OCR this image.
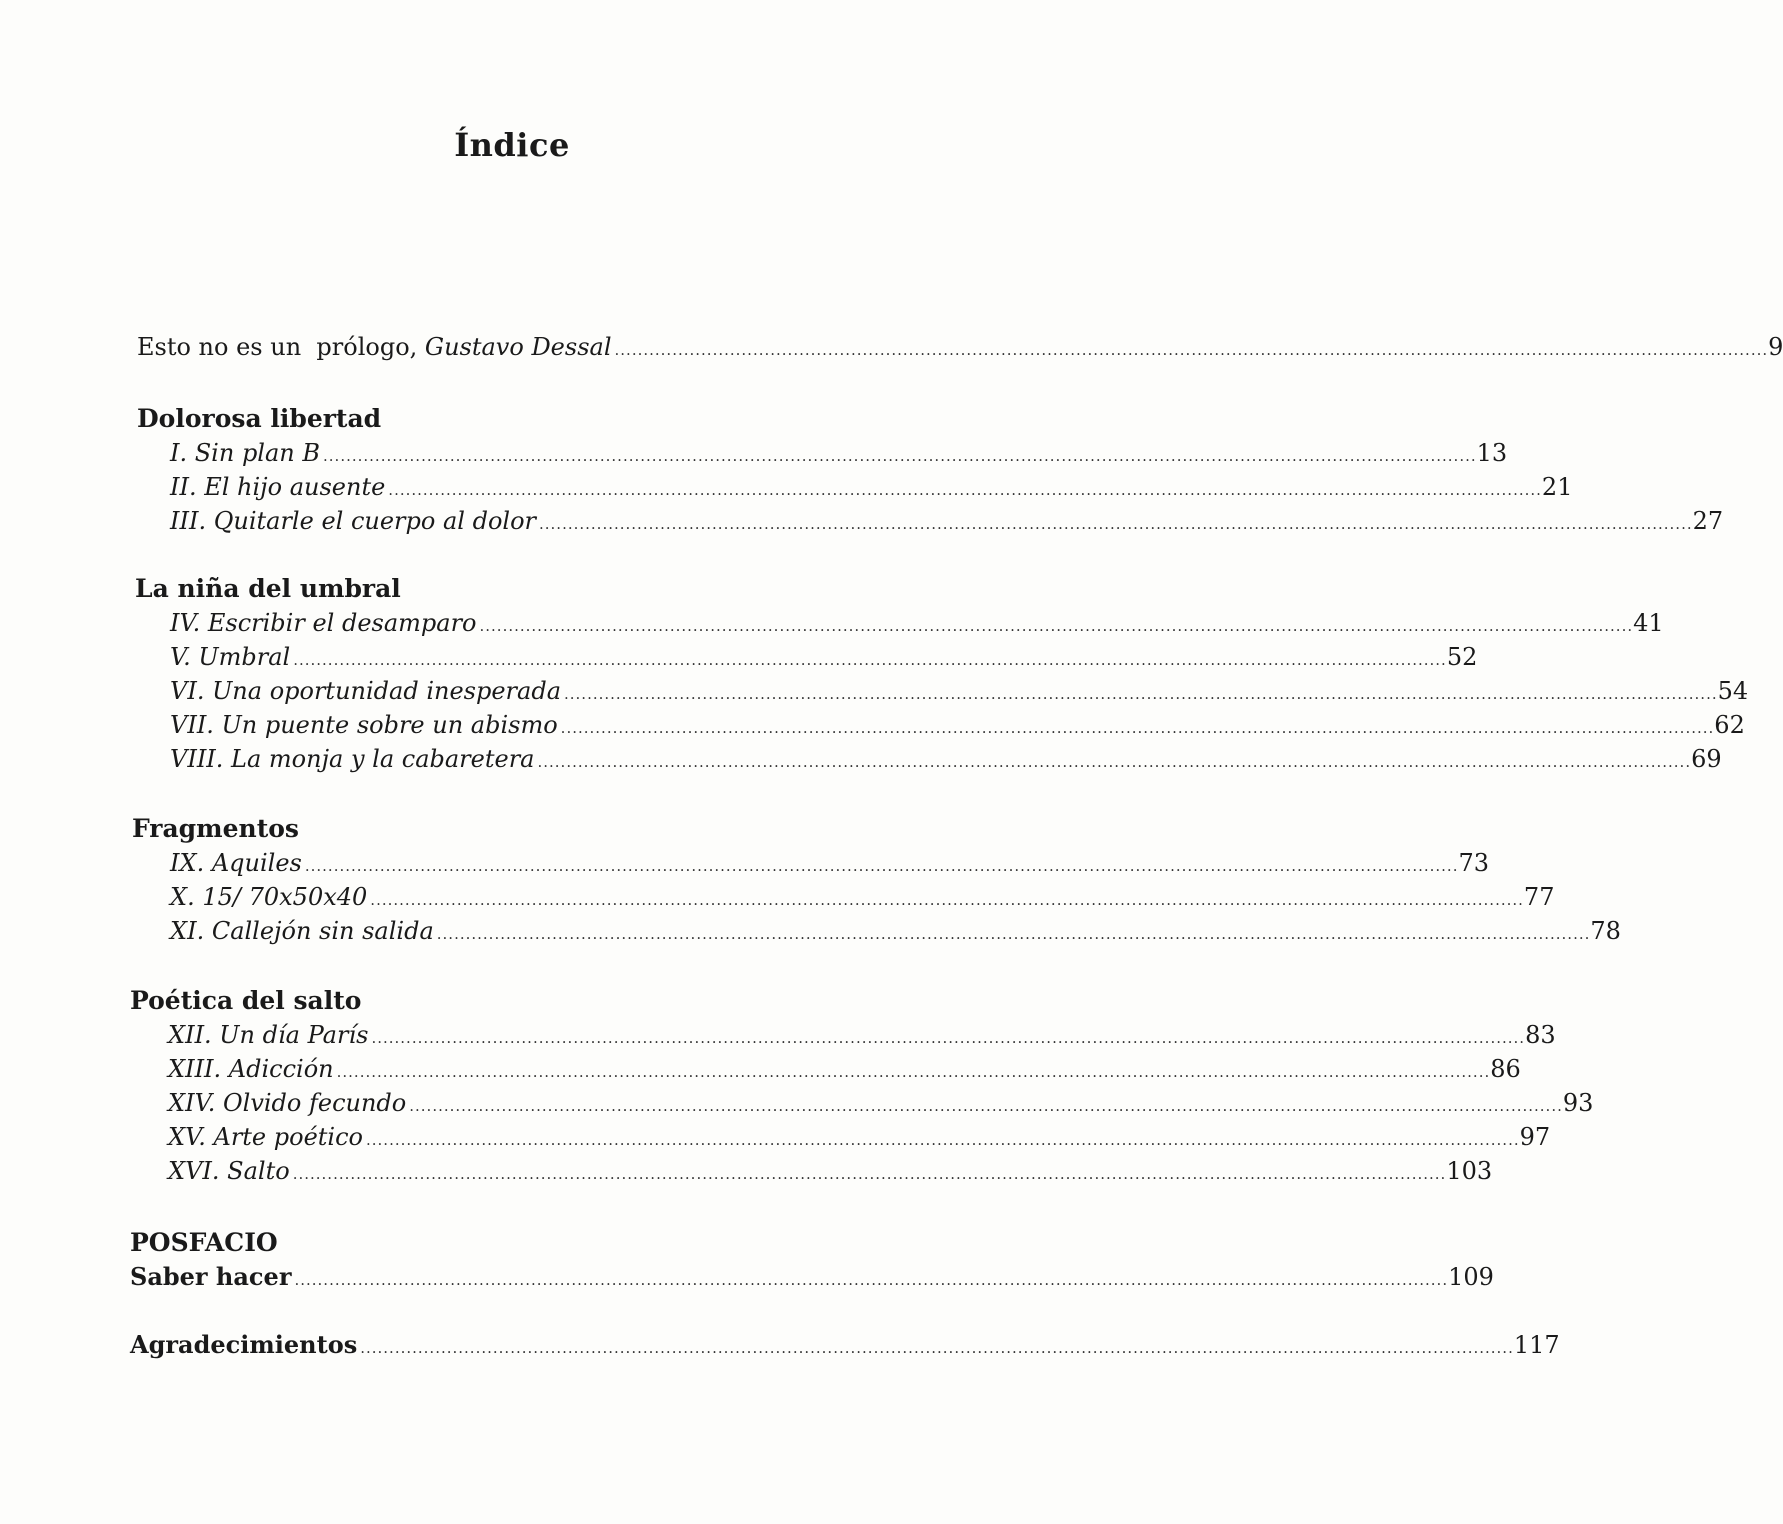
Índice
Esto no es un  prólogo, Gustavo Dessal ........................................................................................................................................................................................................ 9
Dolorosa libertad
I. Sin plan B ........................................................................................................................................................................................................ 13
II. El hijo ausente ........................................................................................................................................................................................................ 21
III. Quitarle el cuerpo al dolor ........................................................................................................................................................................................................ 27
La niña del umbral
IV. Escribir el desamparo ........................................................................................................................................................................................................ 41
V. Umbral ........................................................................................................................................................................................................ 52
VI. Una oportunidad inesperada ........................................................................................................................................................................................................ 54
VII. Un puente sobre un abismo ........................................................................................................................................................................................................ 62
VIII. La monja y la cabaretera ........................................................................................................................................................................................................ 69
Fragmentos
IX. Aquiles ........................................................................................................................................................................................................ 73
X. 15/ 70x50x40 ........................................................................................................................................................................................................ 77
XI. Callejón sin salida ........................................................................................................................................................................................................ 78
Poética del salto
XII. Un día París ........................................................................................................................................................................................................ 83
XIII. Adicción ........................................................................................................................................................................................................ 86
XIV. Olvido fecundo ........................................................................................................................................................................................................ 93
XV. Arte poético ........................................................................................................................................................................................................ 97
XVI. Salto ........................................................................................................................................................................................................ 103
POSFACIO
Saber hacer ........................................................................................................................................................................................................ 109
Agradecimientos ........................................................................................................................................................................................................ 117
